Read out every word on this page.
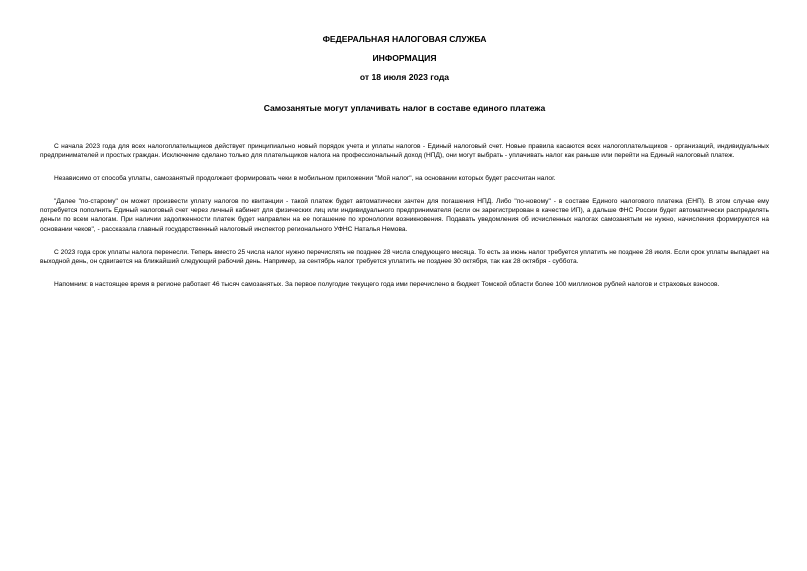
ФЕДЕРАЛЬНАЯ НАЛОГОВАЯ СЛУЖБА

ИНФОРМАЦИЯ

от 18 июля 2023 года

Самозанятые могут уплачивать налог в составе единого платежа

С начала 2023 года для всех налогоплательщиков действует принципиально новый порядок учета и уплаты налогов - Единый налоговый счет. Новые правила касаются всех налогоплательщиков - организаций, индивидуальных предпринимателей и простых граждан. Исключение сделано только для плательщиков налога на профессиональный доход (НПД), они могут выбрать - уплачивать налог как раньше или перейти на Единый налоговый платеж.

Независимо от способа уплаты, самозанятый продолжает формировать чеки в мобильном приложении "Мой налог", на основании которых будет рассчитан налог.

"Далее "по-старому" он может произвести уплату налогов по квитанции - такой платеж будет автоматически зачтен для погашения НПД. Либо "по-новому" - в составе Единого налогового платежа (ЕНП). В этом случае ему потребуется пополнить Единый налоговый счет через личный кабинет для физических лиц или индивидуального предпринимателя (если он зарегистрирован в качестве ИП), а дальше ФНС России будет автоматически распределять деньги по всем налогам. При наличии задолженности платеж будет направлен на ее погашение по хронологии возникновения. Подавать уведомления об исчисленных налогах самозанятым не нужно, начисления формируются на основании чеков", - рассказала главный государственный налоговый инспектор регионального УФНС Наталья Немова.

С 2023 года срок уплаты налога перенесли. Теперь вместо 25 числа налог нужно перечислять не позднее 28 числа следующего месяца. То есть за июнь налог требуется уплатить не позднее 28 июля. Если срок уплаты выпадает на выходной день, он сдвигается на ближайший следующий рабочий день. Например, за сентябрь налог требуется уплатить не позднее 30 октября, так как 28 октября - суббота.

Напомним: в настоящее время в регионе работает 46 тысяч самозанятых. За первое полугодие текущего года ими перечислено в бюджет Томской области более 100 миллионов рублей налогов и страховых взносов.
